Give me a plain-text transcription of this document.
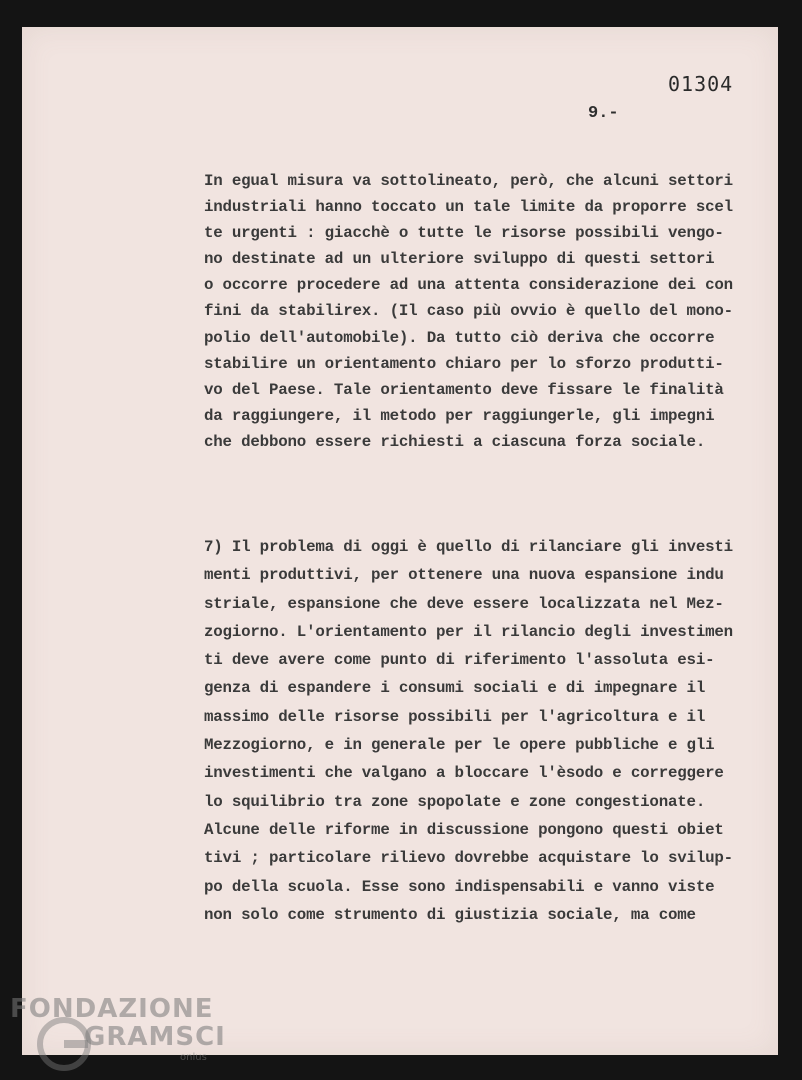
01304
9.-
In egual misura va sottolineato, però, che alcuni settori
industriali hanno toccato un tale limite da proporre scel
te urgenti : giacchè o tutte le risorse possibili vengo-
no destinate ad un ulteriore sviluppo di questi settori
o occorre procedere ad una attenta considerazione dei con
fini da stabilirex. (Il caso più ovvio è quello del mono-
polio dell'automobile). Da tutto ciò deriva che occorre
stabilire un orientamento chiaro per lo sforzo produtti-
vo del Paese. Tale orientamento deve fissare le finalità
da raggiungere, il metodo per raggiungerle, gli impegni
che debbono essere richiesti a ciascuna forza sociale.
7) Il problema di oggi è quello di rilanciare gli investi
menti produttivi, per ottenere una nuova espansione indu
striale, espansione che deve essere localizzata nel Mez-
zogiorno. L'orientamento per il rilancio degli investimen
ti deve avere come punto di riferimento l'assoluta esi-
genza di espandere i consumi sociali e di impegnare il
massimo delle risorse possibili per l'agricoltura e il
Mezzogiorno, e in generale per le opere pubbliche e gli
investimenti che valgano a bloccare l'èsodo e correggere
lo squilibrio tra zone spopolate e zone congestionate.
Alcune delle riforme in discussione pongono questi obiet
tivi ; particolare rilievo dovrebbe acquistare lo svilup-
po della scuola. Esse sono indispensabili e vanno viste
non solo come strumento di giustizia sociale, ma come
FONDAZIONE
GRAMSCI
onlus
